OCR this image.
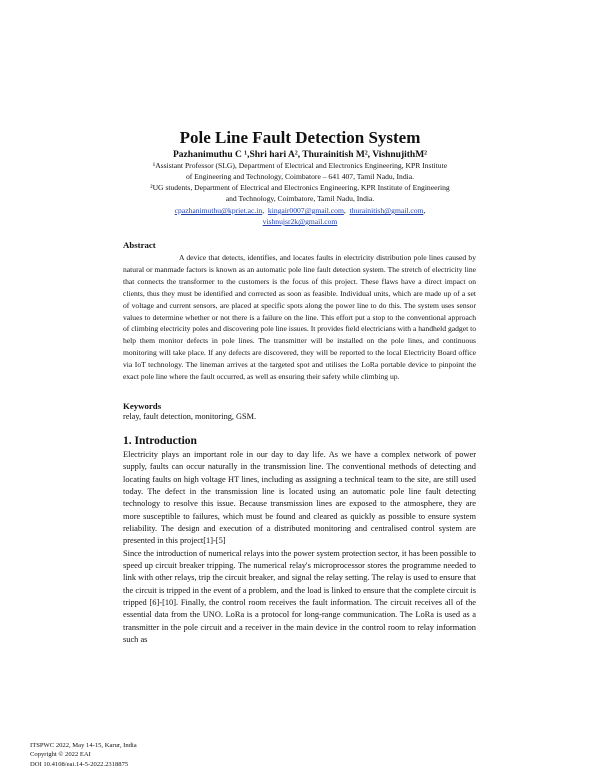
Pole Line Fault Detection System
Pazhanimuthu C ¹,Shri hari A², Thurainitish M², VishnujithM²
¹Assistant Professor (SLG), Department of Electrical and Electronics Engineering, KPR Institute of Engineering and Technology, Coimbatore – 641 407, Tamil Nadu, India.
²UG students, Department of Electrical and Electronics Engineering, KPR Institute of Engineering and Technology, Coimbatore, Tamil Nadu, India.
cpazhanimuthu@kpriet.ac.in,  kingair0007@gmail.com,  thurainitish@gmail.com,
vishnujsr2k@gmail.com
Abstract
A device that detects, identifies, and locates faults in electricity distribution pole lines caused by natural or manmade factors is known as an automatic pole line fault detection system. The stretch of electricity line that connects the transformer to the customers is the focus of this project. These flaws have a direct impact on clients, thus they must be identified and corrected as soon as feasible. Individual units, which are made up of a set of voltage and current sensors, are placed at specific spots along the power line to do this. The system uses sensor values to determine whether or not there is a failure on the line. This effort put a stop to the conventional approach of climbing electricity poles and discovering pole line issues. It provides field electricians with a handheld gadget to help them monitor defects in pole lines. The transmitter will be installed on the pole lines, and continuous monitoring will take place. If any defects are discovered, they will be reported to the local Electricity Board office via IoT technology. The lineman arrives at the targeted spot and utilises the LoRa portable device to pinpoint the exact pole line where the fault occurred, as well as ensuring their safety while climbing up.
Keywords
relay, fault detection, monitoring, GSM.
1. Introduction

Electricity plays an important role in our day to day life. As we have a complex network of power supply, faults can occur naturally in the transmission line. The conventional methods of detecting and locating faults on high voltage HT lines, including as assigning a technical team to the site, are still used today. The defect in the transmission line is located using an automatic pole line fault detecting technology to resolve this issue. Because transmission lines are exposed to the atmosphere, they are more susceptible to failures, which must be found and cleared as quickly as possible to ensure system reliability. The design and execution of a distributed monitoring and centralised control system are presented in this project[1]-[5]

Since the introduction of numerical relays into the power system protection sector, it has been possible to speed up circuit breaker tripping. The numerical relay's microprocessor stores the programme needed to link with other relays, trip the circuit breaker, and signal the relay setting. The relay is used to ensure that the circuit is tripped in the event of a problem, and the load is linked to ensure that the complete circuit is tripped [6]-[10]. Finally, the control room receives the fault information. The circuit receives all of the essential data from the UNO. LoRa is a protocol for long-range communication. The LoRa is used as a transmitter in the pole circuit and a receiver in the main device in the control room to relay information such as

ITSPWC 2022, May 14-15, Karur, India
Copyright © 2022 EAI
DOI 10.4108/eai.14-5-2022.2318875
